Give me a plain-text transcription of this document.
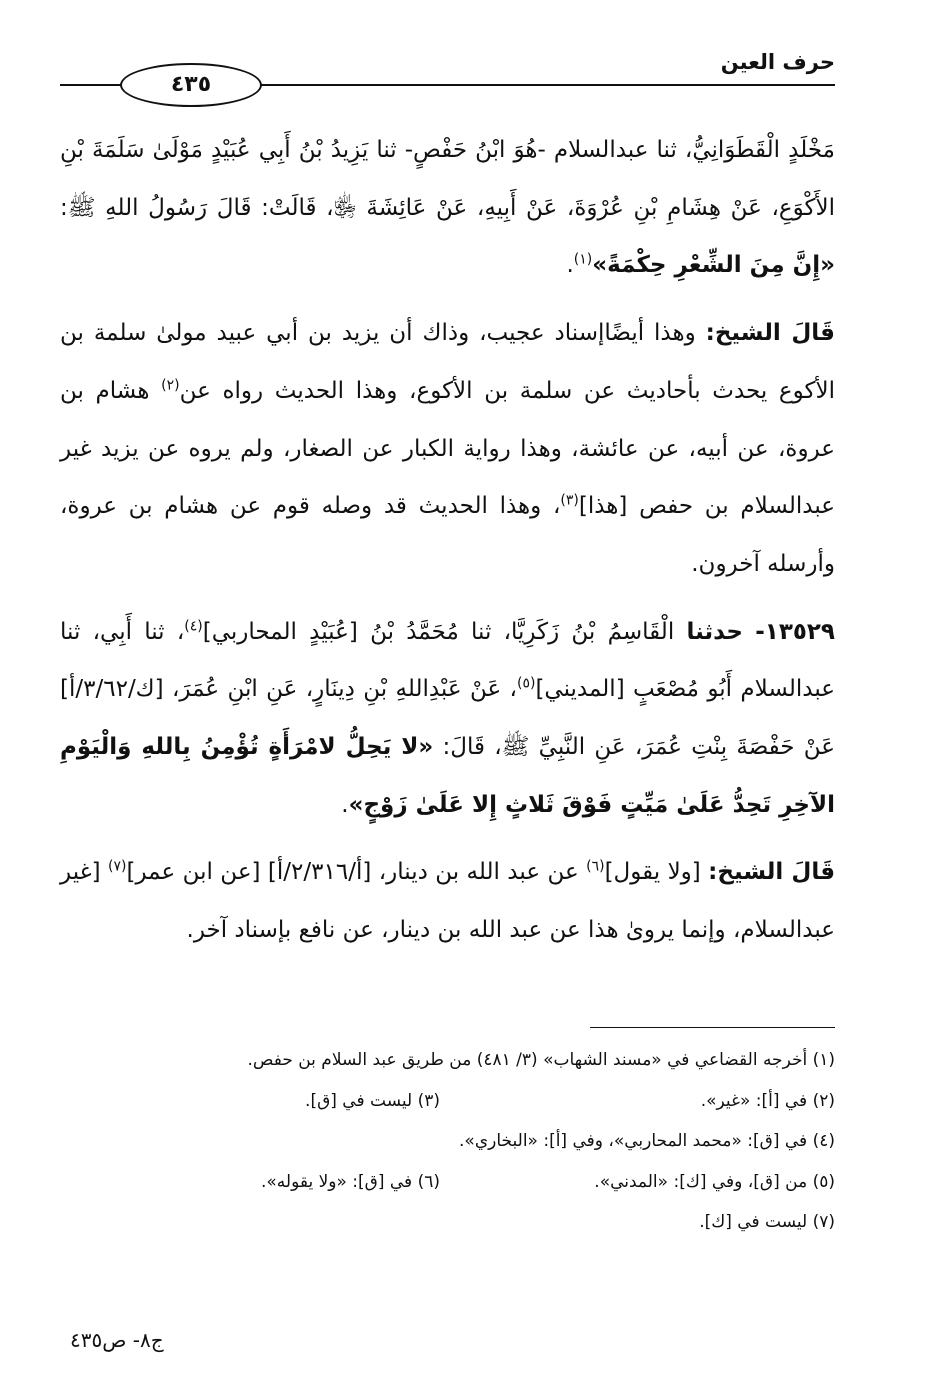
حرف العين
٤٣٥

مَخْلَدٍ الْقَطَوَانِيُّ، ثنا عبدالسلام -هُوَ ابْنُ حَفْصٍ- ثنا يَزِيدُ بْنُ أَبِي عُبَيْدٍ مَوْلَىٰ سَلَمَةَ بْنِ الأَكْوَعِ، عَنْ هِشَامِ بْنِ عُرْوَةَ، عَنْ أَبِيهِ، عَنْ عَائِشَةَ ﵂، قَالَتْ: قَالَ رَسُولُ اللهِ ﷺ: «إِنَّ مِنَ الشِّعْرِ حِكْمَةً»$^{(١)}$.

قَالَ الشيخ: وهذا أيضًاإسناد عجيب، وذاك أن يزيد بن أبي عبيد مولىٰ سلمة بن الأكوع يحدث بأحاديث عن سلمة بن الأكوع، وهذا الحديث رواه عن$^{(٢)}$ هشام بن عروة، عن أبيه، عن عائشة، وهذا رواية الكبار عن الصغار، ولم يروه عن يزيد غير عبدالسلام بن حفص [هذا]$^{(٣)}$، وهذا الحديث قد وصله قوم عن هشام بن عروة، وأرسله آخرون.

١٣٥٢٩- حدثنا الْقَاسِمُ بْنُ زَكَرِيَّا، ثنا مُحَمَّدُ بْنُ [عُبَيْدٍ المحاربي]$^{(٤)}$، ثنا أَبِي، ثنا عبدالسلام أَبُو مُصْعَبٍ [المديني]$^{(٥)}$، عَنْ عَبْدِاللهِ بْنِ دِينَارٍ، عَنِ ابْنِ عُمَرَ، [ك/٣/٦٢/أ] عَنْ حَفْصَةَ بِنْتِ عُمَرَ، عَنِ النَّبِيِّ ﷺ، قَالَ: «لا يَحِلُّ لامْرَأَةٍ تُؤْمِنُ بِاللهِ وَالْيَوْمِ الآخِرِ تَحِدُّ عَلَىٰ مَيِّتٍ فَوْقَ ثَلاثٍ إِلا عَلَىٰ زَوْجٍ».

قَالَ الشيخ: [ولا يقول]$^{(٦)}$ عن عبد الله بن دينار، [أ/٢/٣١٦/أ] [عن ابن عمر]$^{(٧)}$ [غير عبدالسلام، وإنما يروىٰ هذا عن عبد الله بن دينار، عن نافع بإسناد آخر.

(١) أخرجه القضاعي في «مسند الشهاب» (٣/ ٤٨١) من طريق عبد السلام بن حفص.
(٢) في [أ]: «غير».
(٣) ليست في [ق].
(٤) في [ق]: «محمد المحاربي»، وفي [أ]: «البخاري».
(٥) من [ق]، وفي [ك]: «المدني».
(٦) في [ق]: «ولا يقوله».
(٧) ليست في [ك].
ج٨- ص٤٣٥
